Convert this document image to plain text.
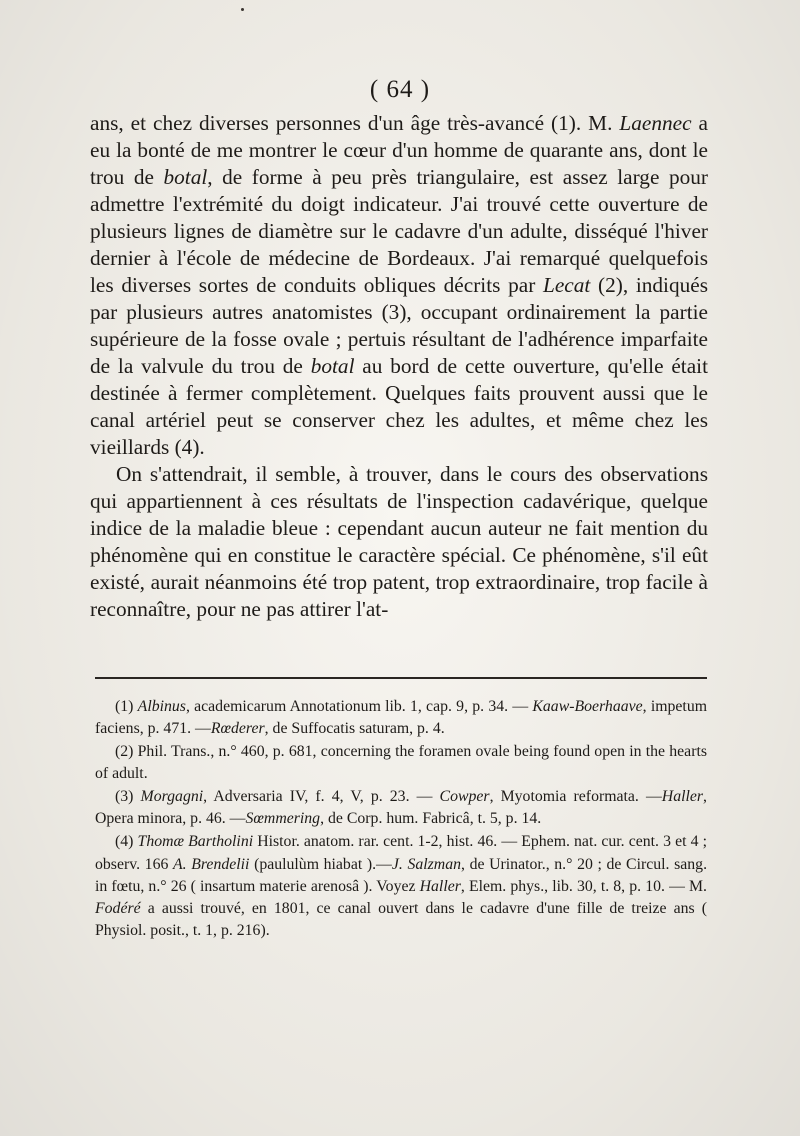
( 64 )

ans, et chez diverses personnes d'un âge très-avancé (1). M. Laennec a eu la bonté de me montrer le cœur d'un homme de quarante ans, dont le trou de botal, de forme à peu près triangulaire, est assez large pour admettre l'extrémité du doigt indicateur. J'ai trouvé cette ouverture de plusieurs lignes de diamètre sur le cadavre d'un adulte, disséqué l'hiver dernier à l'école de médecine de Bordeaux. J'ai remarqué quelquefois les diverses sortes de conduits obliques décrits par Lecat (2), indiqués par plusieurs autres anatomistes (3), occupant ordinairement la partie supérieure de la fosse ovale ; pertuis résultant de l'adhérence imparfaite de la valvule du trou de botal au bord de cette ouverture, qu'elle était destinée à fermer complètement. Quelques faits prouvent aussi que le canal artériel peut se conserver chez les adultes, et même chez les vieillards (4).

On s'attendrait, il semble, à trouver, dans le cours des observations qui appartiennent à ces résultats de l'inspection cadavérique, quelque indice de la maladie bleue : cependant aucun auteur ne fait mention du phénomène qui en constitue le caractère spécial. Ce phénomène, s'il eût existé, aurait néanmoins été trop patent, trop extraordinaire, trop facile à reconnaître, pour ne pas attirer l'at-

(1) Albinus, academicarum Annotationum lib. 1, cap. 9, p. 34. — Kaaw-Boerhaave, impetum faciens, p. 471. —Rœderer, de Suffocatis saturam, p. 4.

(2) Phil. Trans., n.° 460, p. 681, concerning the foramen ovale being found open in the hearts of adult.

(3) Morgagni, Adversaria IV, f. 4, V, p. 23. — Cowper, Myotomia reformata. —Haller, Opera minora, p. 46. —Sœmmering, de Corp. hum. Fabricâ, t. 5, p. 14.

(4) Thomæ Bartholini Histor. anatom. rar. cent. 1-2, hist. 46. — Ephem. nat. cur. cent. 3 et 4 ; observ. 166 A. Brendelii (paululùm hiabat ).—J. Salzman, de Urinator., n.° 20 ; de Circul. sang. in fœtu, n.° 26 ( insartum materie arenosâ ). Voyez Haller, Elem. phys., lib. 30, t. 8, p. 10. — M. Fodéré a aussi trouvé, en 1801, ce canal ouvert dans le cadavre d'une fille de treize ans ( Physiol. posit., t. 1, p. 216).
